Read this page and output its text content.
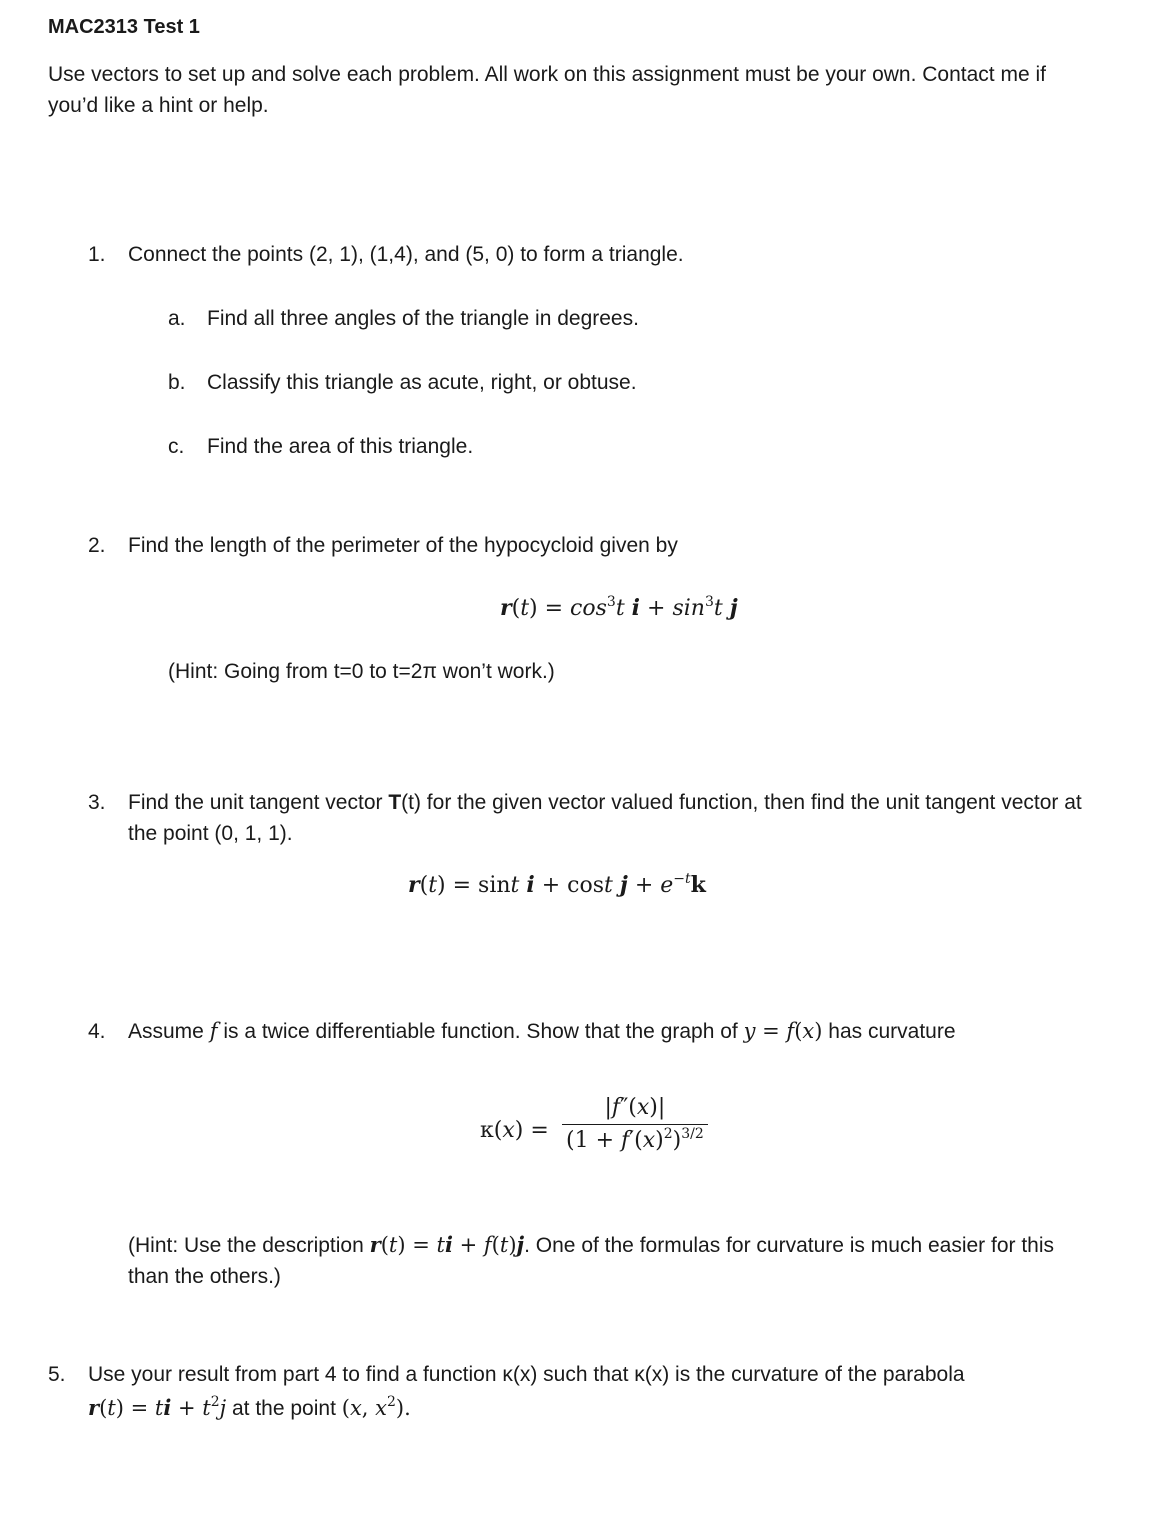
MAC2313 Test 1
Use vectors to set up and solve each problem. All work on this assignment must be your own. Contact me if you’d like a hint or help.
1. Connect the points (2, 1), (1,4), and (5, 0) to form a triangle.
a. Find all three angles of the triangle in degrees.
b. Classify this triangle as acute, right, or obtuse.
c. Find the area of this triangle.
2. Find the length of the perimeter of the hypocycloid given by
$r(t) = \cos^3t$ $i + \sin^3t$ j
(Hint: Going from t=0 to t=2π won’t work.)
3. Find the unit tangent vector T(t) for the given vector valued function, then find the unit tangent vector at the point (0, 1, 1).
r(t) = sint i + cost $j + e^{-t}k$
4. Assume f is a twice differentiable function. Show that the graph of y = f(x) has curvature
κ(x) =
|f″(x)|
$(1 + f'(x)^2)^{3/2}$
(Hint: Use the description r(t) = ti + f(t)j. One of the formulas for curvature is much easier for this than the others.)
5. Use your result from part 4 to find a function κ(x) such that κ(x) is the curvature of the parabola
r(t) = ti + $t^2j$ at the point (x, $x^2$).
